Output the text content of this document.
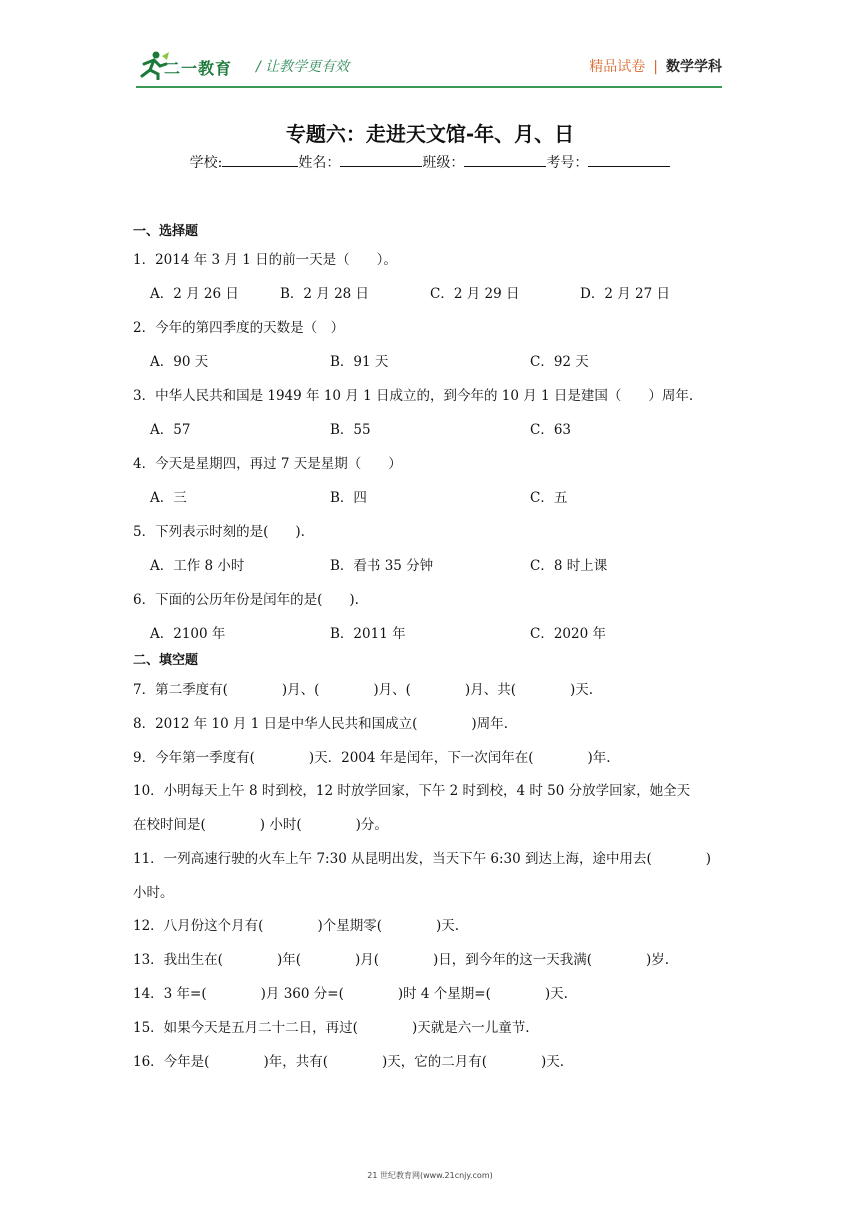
二一教育 / 让教学更有效	精品试卷 | 数学学科
专题六：走进天文馆-年、月、日
学校:	姓名：	班级：	考号：
一、选择题
1．2014 年 3 月 1 日的前一天是（　　）。
A．2 月 26 日	B．2 月 28 日	C．2 月 29 日	D．2 月 27 日
2．今年的第四季度的天数是（　）
A．90 天	B．91 天	C．92 天
3．中华人民共和国是 1949 年 10 月 1 日成立的，到今年的 10 月 1 日是建国（　　）周年.
A．57	B．55	C．63
4．今天是星期四，再过 7 天是星期（　　）
A．三	B．四	C．五
5．下列表示时刻的是(　　).
A．工作 8 小时	B．看书 35 分钟	C．8 时上课
6．下面的公历年份是闰年的是(　　).
A．2100 年	B．2011 年	C．2020 年
二、填空题
7．第二季度有(　　　　)月、(　　　　)月、(　　　　)月、共(　　　　)天.
8．2012 年 10 月 1 日是中华人民共和国成立(　　　　)周年.
9．今年第一季度有(　　　　)天．2004 年是闰年，下一次闰年在(　　　　)年.
10．小明每天上午 8 时到校，12 时放学回家，下午 2 时到校，4 时 50 分放学回家，她全天
在校时间是(　　　　) 小时(　　　　)分。
11．一列高速行驶的火车上午 7:30 从昆明出发，当天下午 6:30 到达上海，途中用去(　　　　)
小时。
12．八月份这个月有(　　　　)个星期零(　　　　)天.
13．我出生在(　　　　)年(　　　　)月(　　　　)日，到今年的这一天我满(　　　　)岁.
14．3 年=(　　　　)月 360 分=(　　　　)时 4 个星期=(　　　　)天.
15．如果今天是五月二十二日，再过(　　　　)天就是六一儿童节.
16．今年是(　　　　)年，共有(　　　　)天，它的二月有(　　　　)天.
21 世纪教育网(www.21cnjy.com)
